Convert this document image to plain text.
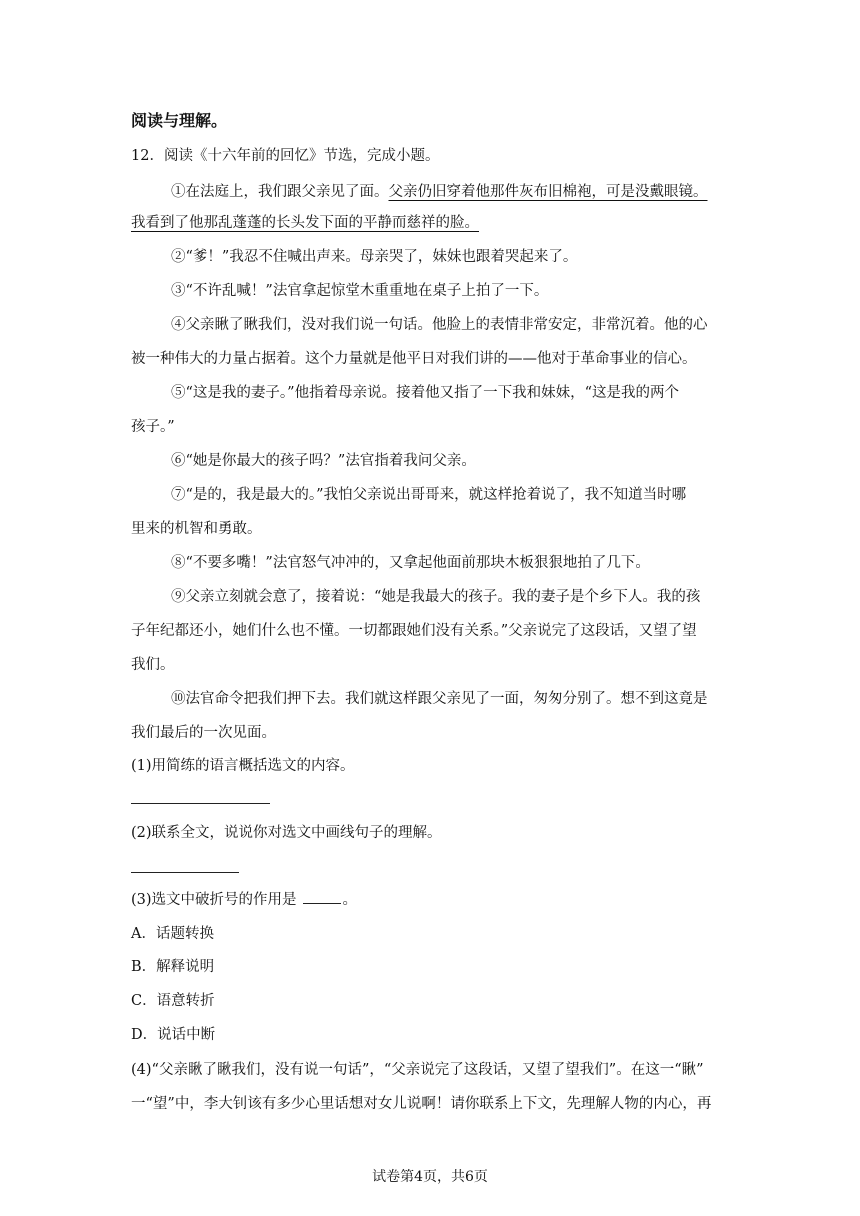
阅读与理解。
12．阅读《十六年前的回忆》节选，完成小题。
①在法庭上，我们跟父亲见了面。父亲仍旧穿着他那件灰布旧棉袍，可是没戴眼镜。
我看到了他那乱蓬蓬的长头发下面的平静而慈祥的脸。
②“爹！”我忍不住喊出声来。母亲哭了，妹妹也跟着哭起来了。
③“不许乱喊！”法官拿起惊堂木重重地在桌子上拍了一下。
④父亲瞅了瞅我们，没对我们说一句话。他脸上的表情非常安定，非常沉着。他的心
被一种伟大的力量占据着。这个力量就是他平日对我们讲的——他对于革命事业的信心。
⑤“这是我的妻子。”他指着母亲说。接着他又指了一下我和妹妹，“这是我的两个
孩子。”
⑥“她是你最大的孩子吗？”法官指着我问父亲。
⑦“是的，我是最大的。”我怕父亲说出哥哥来，就这样抢着说了，我不知道当时哪
里来的机智和勇敢。
⑧“不要多嘴！”法官怒气冲冲的，又拿起他面前那块木板狠狠地拍了几下。
⑨父亲立刻就会意了，接着说：“她是我最大的孩子。我的妻子是个乡下人。我的孩
子年纪都还小，她们什么也不懂。一切都跟她们没有关系。”父亲说完了这段话，又望了望
我们。
⑩法官命令把我们押下去。我们就这样跟父亲见了一面，匆匆分别了。想不到这竟是
我们最后的一次见面。
(1)用简练的语言概括选文的内容。
(2)联系全文，说说你对选文中画线句子的理解。
(3)选文中破折号的作用是	。
A．话题转换
B．解释说明
C．语意转折
D．说话中断
(4)“父亲瞅了瞅我们，没有说一句话”，“父亲说完了这段话，又望了望我们”。在这一“瞅”
一“望”中，李大钊该有多少心里话想对女儿说啊！请你联系上下文，先理解人物的内心，再
试卷第4页，共6页
